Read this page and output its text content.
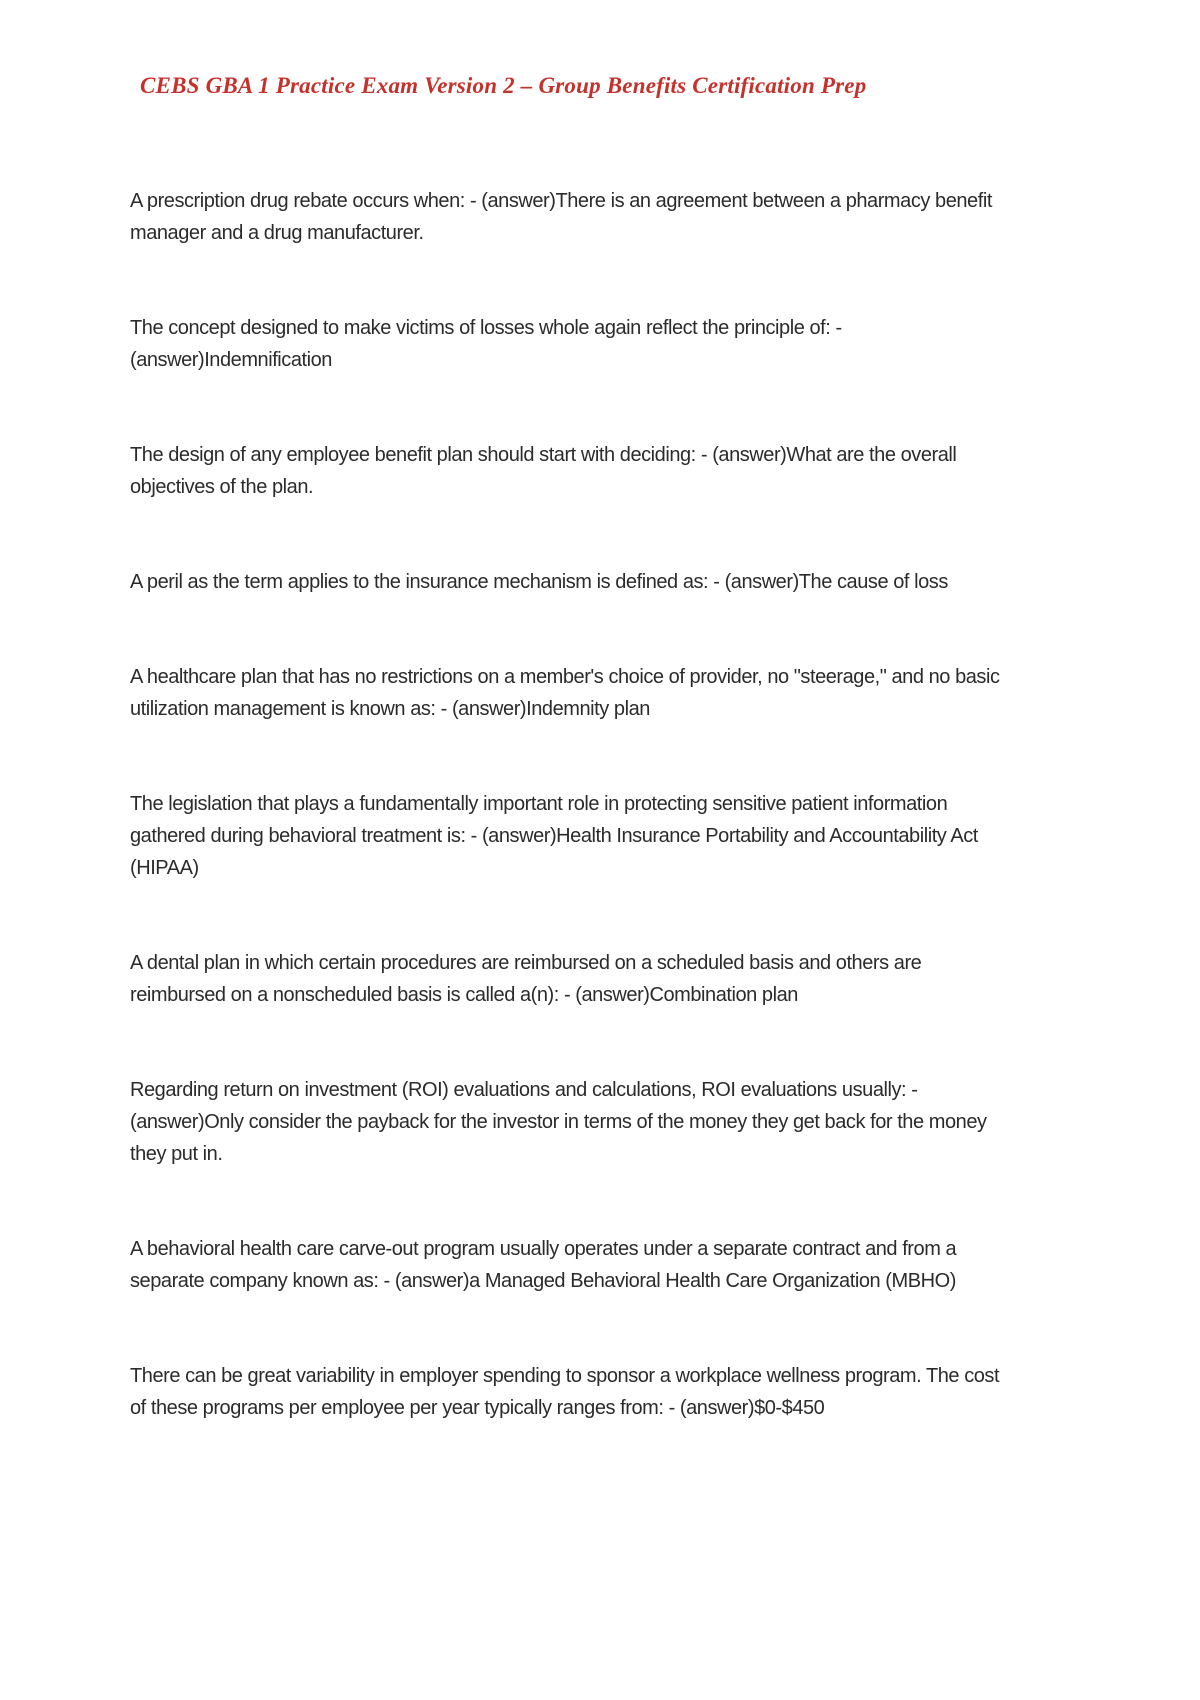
CEBS GBA 1 Practice Exam Version 2 – Group Benefits Certification Prep
A prescription drug rebate occurs when: - (answer)There is an agreement between a pharmacy benefit
manager and a drug manufacturer.
The concept designed to make victims of losses whole again reflect the principle of: -
(answer)Indemnification
The design of any employee benefit plan should start with deciding: - (answer)What are the overall
objectives of the plan.
A peril as the term applies to the insurance mechanism is defined as: - (answer)The cause of loss
A healthcare plan that has no restrictions on a member's choice of provider, no "steerage," and no basic
utilization management is known as: - (answer)Indemnity plan
The legislation that plays a fundamentally important role in protecting sensitive patient information
gathered during behavioral treatment is: - (answer)Health Insurance Portability and Accountability Act
(HIPAA)
A dental plan in which certain procedures are reimbursed on a scheduled basis and others are
reimbursed on a nonscheduled basis is called a(n): - (answer)Combination plan
Regarding return on investment (ROI) evaluations and calculations, ROI evaluations usually: -
(answer)Only consider the payback for the investor in terms of the money they get back for the money
they put in.
A behavioral health care carve-out program usually operates under a separate contract and from a
separate company known as: - (answer)a Managed Behavioral Health Care Organization (MBHO)
There can be great variability in employer spending to sponsor a workplace wellness program. The cost
of these programs per employee per year typically ranges from: - (answer)$0-$450
